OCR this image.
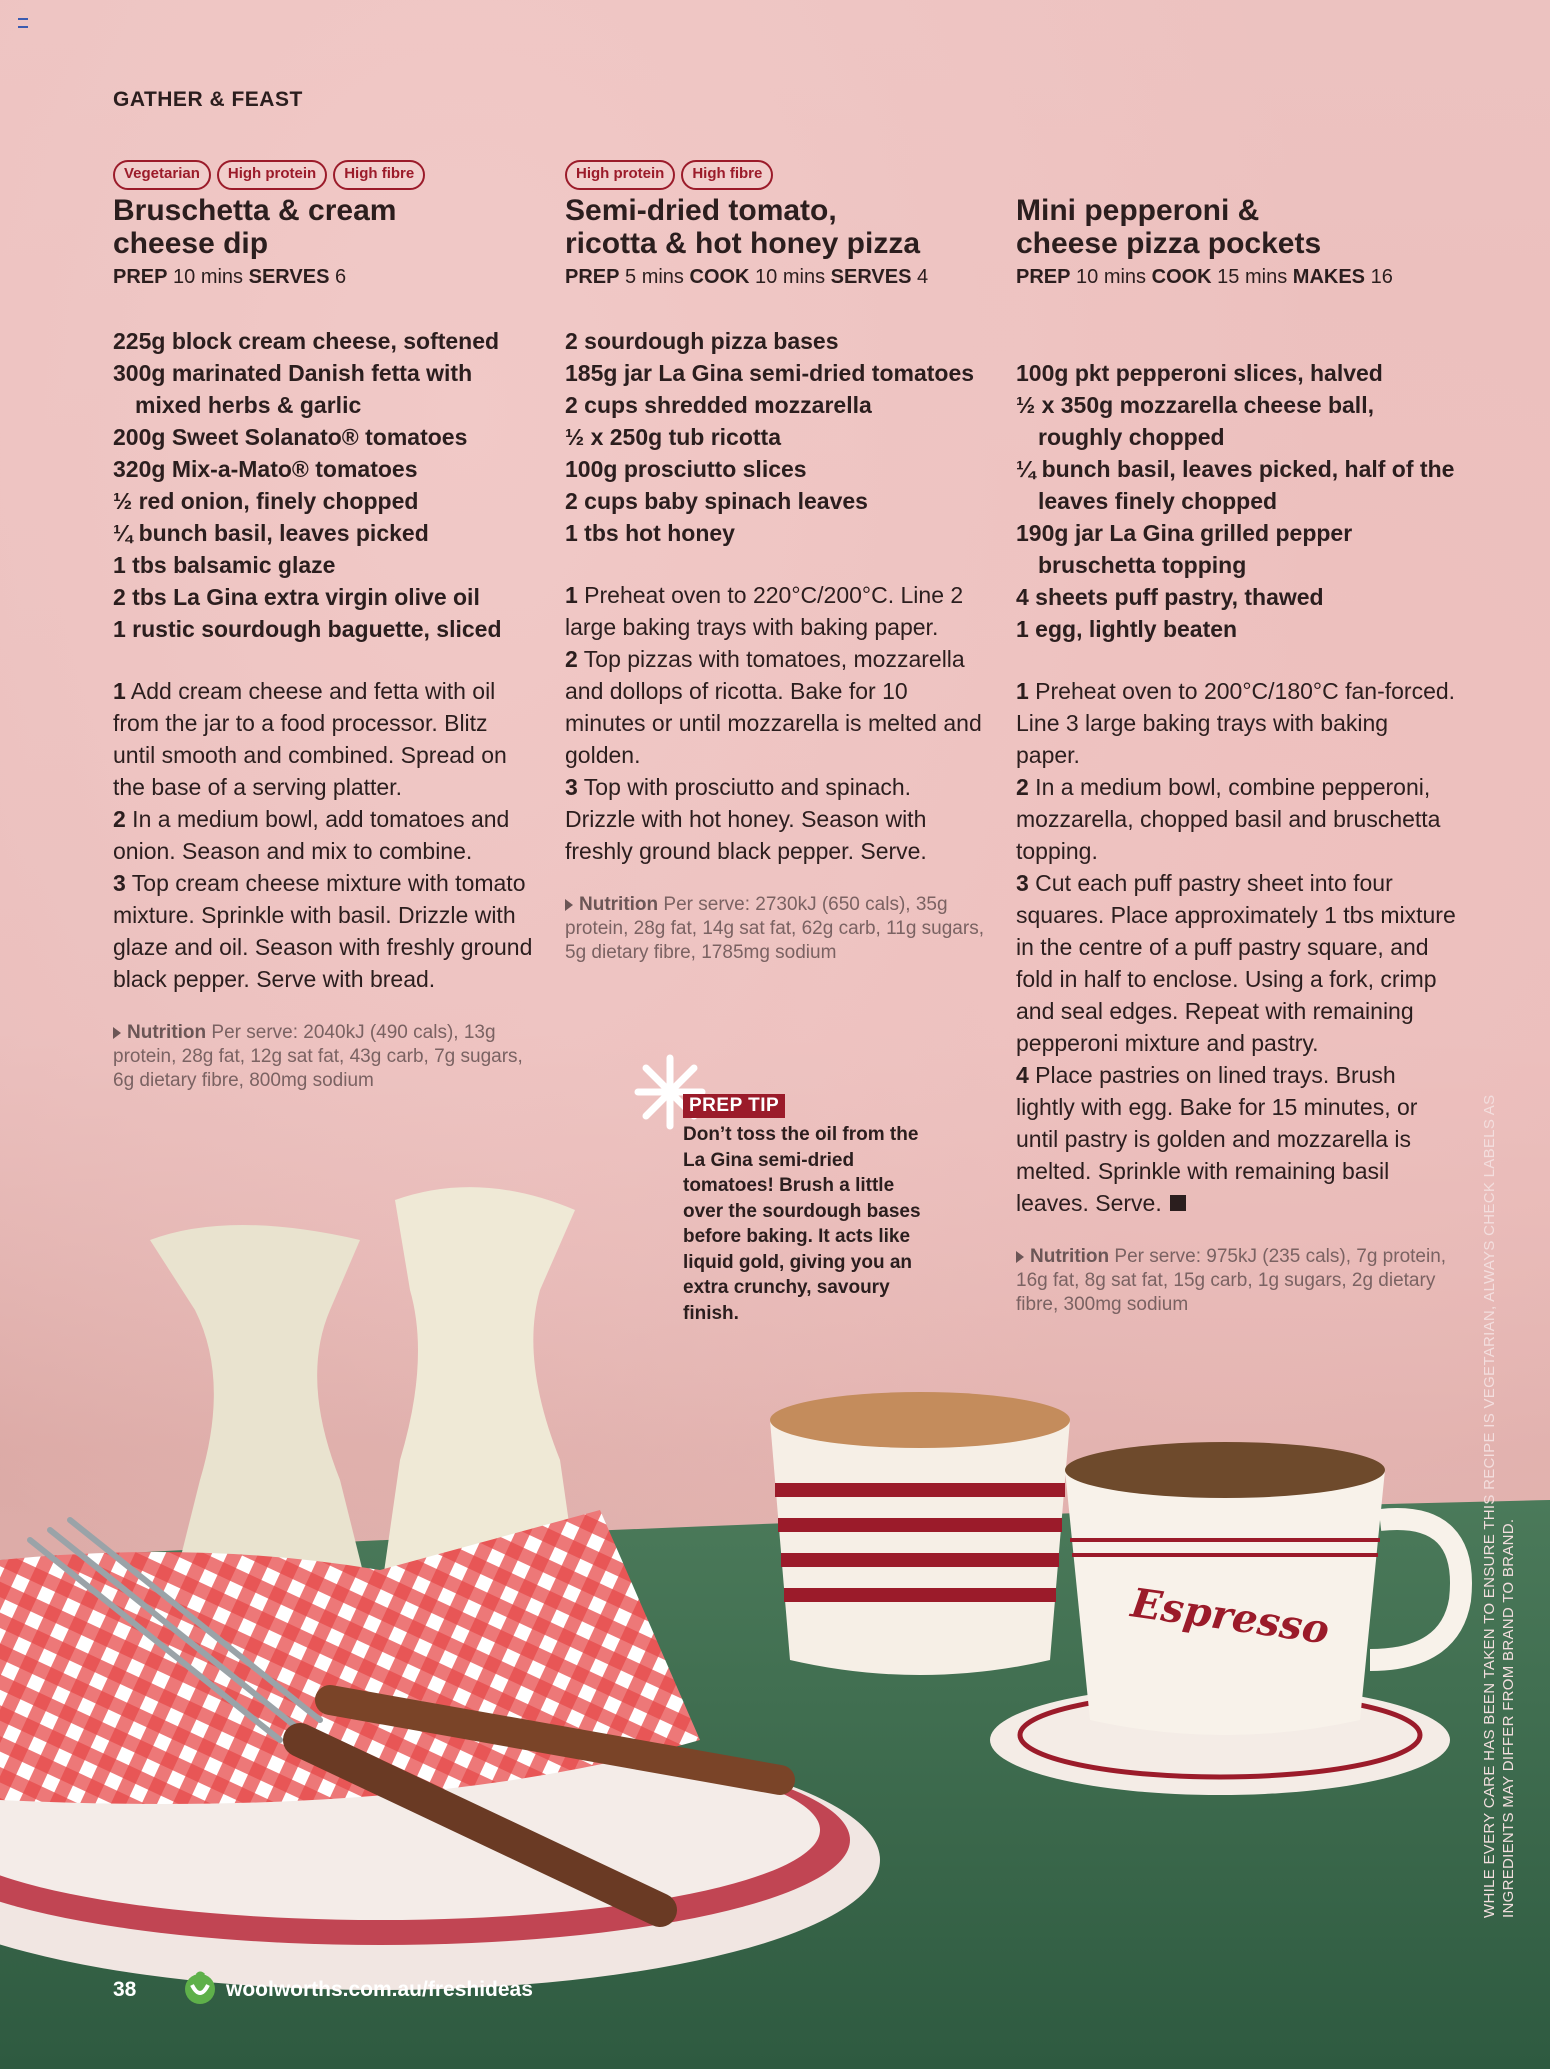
GATHER & FEAST
Vegetarian	High protein	High fibre
Bruschetta & cream
cheese dip
PREP 10 mins SERVES 6
225g block cream cheese, softened
300g marinated Danish fetta with mixed herbs & garlic
200g Sweet Solanato® tomatoes
320g Mix-a-Mato® tomatoes
½ red onion, finely chopped
¼ bunch basil, leaves picked
1 tbs balsamic glaze
2 tbs La Gina extra virgin olive oil
1 rustic sourdough baguette, sliced

1 Add cream cheese and fetta with oil from the jar to a food processor. Blitz until smooth and combined. Spread on the base of a serving platter.

2 In a medium bowl, add tomatoes and onion. Season and mix to combine.

3 Top cream cheese mixture with tomato mixture. Sprinkle with basil. Drizzle with glaze and oil. Season with freshly ground black pepper. Serve with bread.

Nutrition Per serve: 2040kJ (490 cals), 13g protein, 28g fat, 12g sat fat, 43g carb, 7g sugars, 6g dietary fibre, 800mg sodium
High protein	High fibre
Semi-dried tomato,
ricotta & hot honey pizza
PREP 5 mins COOK 10 mins SERVES 4
2 sourdough pizza bases
185g jar La Gina semi-dried tomatoes
2 cups shredded mozzarella
½ x 250g tub ricotta
100g prosciutto slices
2 cups baby spinach leaves
1 tbs hot honey

1 Preheat oven to 220°C/200°C. Line 2 large baking trays with baking paper.

2 Top pizzas with tomatoes, mozzarella and dollops of ricotta. Bake for 10 minutes or until mozzarella is melted and golden.

3 Top with prosciutto and spinach. Drizzle with hot honey. Season with freshly ground black pepper. Serve.

Nutrition Per serve: 2730kJ (650 cals), 35g protein, 28g fat, 14g sat fat, 62g carb, 11g sugars, 5g dietary fibre, 1785mg sodium
Mini pepperoni &
cheese pizza pockets
PREP 10 mins COOK 15 mins MAKES 16
100g pkt pepperoni slices, halved
½ x 350g mozzarella cheese ball, roughly chopped
¼ bunch basil, leaves picked, half of the leaves finely chopped
190g jar La Gina grilled pepper bruschetta topping
4 sheets puff pastry, thawed
1 egg, lightly beaten

1 Preheat oven to 200°C/180°C fan-forced. Line 3 large baking trays with baking paper.

2 In a medium bowl, combine pepperoni, mozzarella, chopped basil and bruschetta topping.

3 Cut each puff pastry sheet into four squares. Place approximately 1 tbs mixture in the centre of a puff pastry square, and fold in half to enclose. Using a fork, crimp and seal edges. Repeat with remaining pepperoni mixture and pastry.

4 Place pastries on lined trays. Brush lightly with egg. Bake for 15 minutes, or until pastry is golden and mozzarella is melted. Sprinkle with remaining basil leaves. Serve.

Nutrition Per serve: 975kJ (235 cals), 7g protein, 16g fat, 8g sat fat, 15g carb, 1g sugars, 2g dietary fibre, 300mg sodium
PREP TIP
Don’t toss the oil from the La Gina semi-dried tomatoes! Brush a little over the sourdough bases before baking. It acts like liquid gold, giving you an extra crunchy, savoury finish.
Espresso	WHILE EVERY CARE HAS BEEN TAKEN TO ENSURE THIS RECIPE IS VEGETARIAN, ALWAYS CHECK LABELS AS INGREDIENTS MAY DIFFER FROM BRAND TO BRAND.
38	woolworths.com.au/freshideas
